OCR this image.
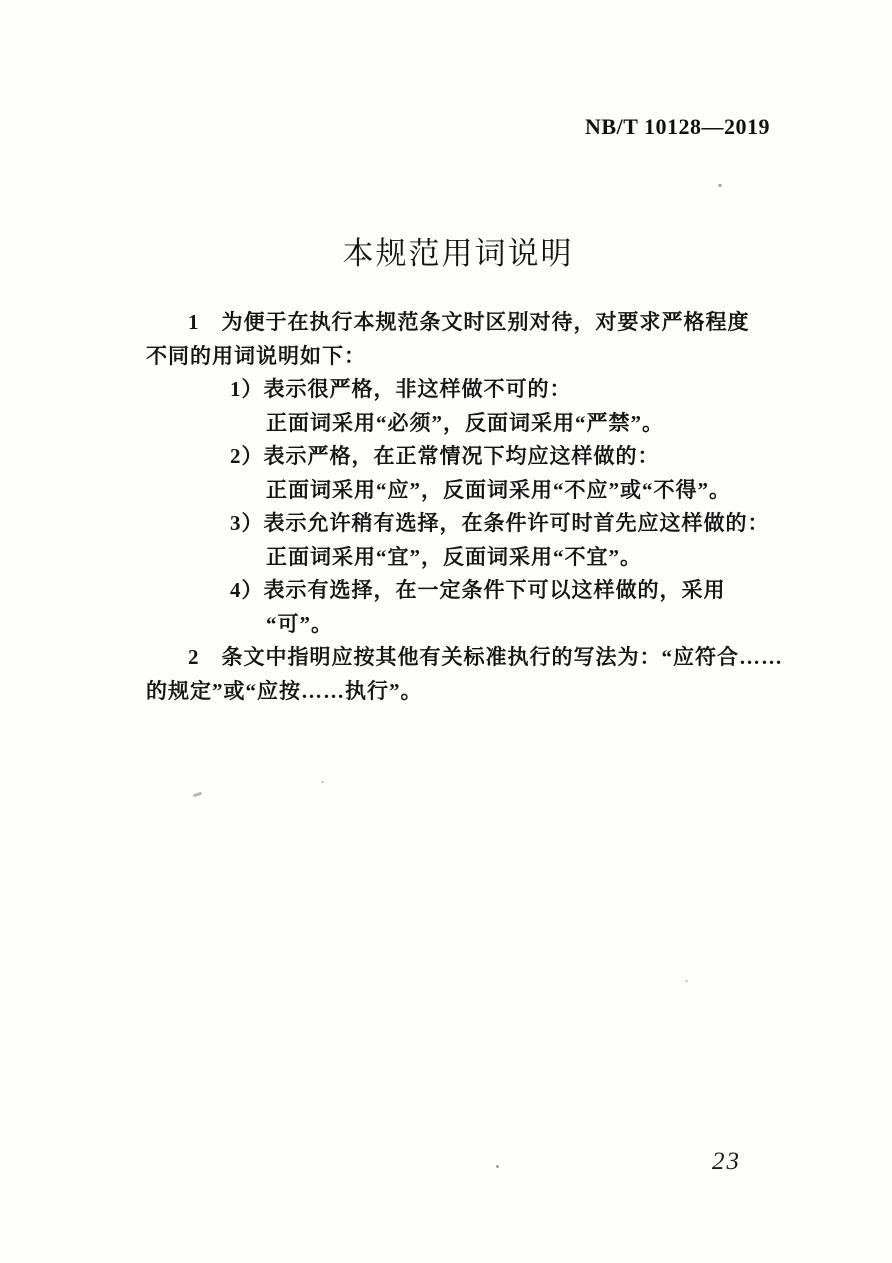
NB/T 10128—2019
本规范用词说明
1　为便于在执行本规范条文时区别对待，对要求严格程度
不同的用词说明如下：
1）表示很严格，非这样做不可的：
正面词采用“必须”，反面词采用“严禁”。
2）表示严格，在正常情况下均应这样做的：
正面词采用“应”，反面词采用“不应”或“不得”。
3）表示允许稍有选择，在条件许可时首先应这样做的：
正面词采用“宜”，反面词采用“不宜”。
4）表示有选择，在一定条件下可以这样做的，采用
“可”。
2　条文中指明应按其他有关标准执行的写法为：“应符合……
的规定”或“应按……执行”。
23
